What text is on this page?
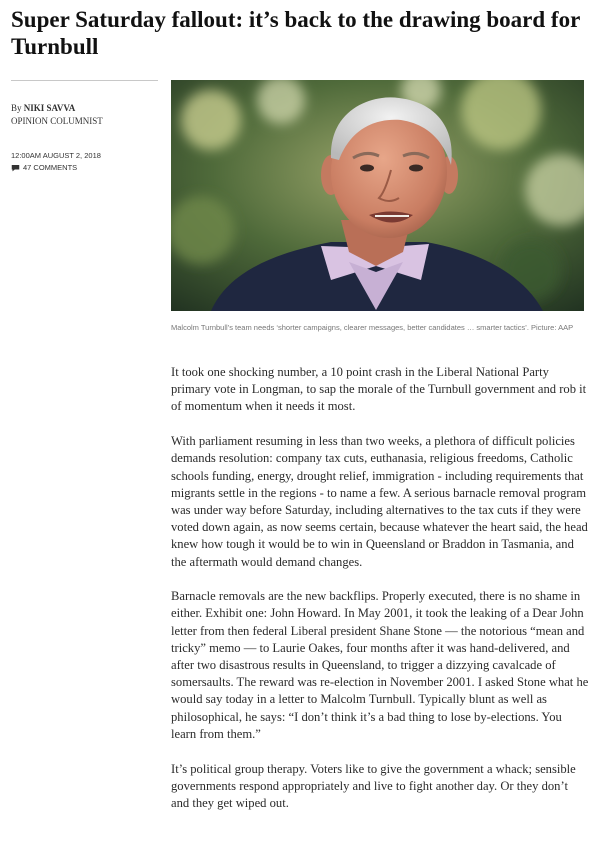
Super Saturday fallout: it’s back to the drawing board for Turnbull
By NIKI SAVVA
OPINION COLUMNIST
12:00AM AUGUST 2, 2018
47 COMMENTS
Malcolm Turnbull’s team needs ‘shorter campaigns, clearer messages, better candidates … smarter tactics’. Picture: AAP

It took one shocking number, a 10 point crash in the Liberal National Party primary vote in Longman, to sap the morale of the Turnbull government and rob it of momentum when it needs it most.

With parliament resuming in less than two weeks, a plethora of difficult policies demands resolution: company tax cuts, euthanasia, religious freedoms, Catholic schools funding, energy, drought relief, immigration - including requirements that migrants settle in the regions - to name a few. A serious barnacle removal program was under way before Saturday, including alternatives to the tax cuts if they were voted down again, as now seems certain, because whatever the heart said, the head knew how tough it would be to win in Queensland or Braddon in Tasmania, and the aftermath would demand changes.

Barnacle removals are the new backflips. Properly executed, there is no shame in either. Exhibit one: John Howard. In May 2001, it took the leaking of a Dear John letter from then federal Liberal president Shane Stone — the notorious “mean and tricky” memo — to Laurie Oakes, four months after it was hand-delivered, and after two disastrous results in Queensland, to trigger a dizzying cavalcade of somersaults. The reward was re-election in November 2001. I asked Stone what he would say today in a letter to Malcolm Turnbull. Typically blunt as well as philosophical, he says: “I don’t think it’s a bad thing to lose by-elections. You learn from them.”

It’s political group therapy. Voters like to give the government a whack; sensible governments respond appropriately and live to fight another day. Or they don’t and they get wiped out.
